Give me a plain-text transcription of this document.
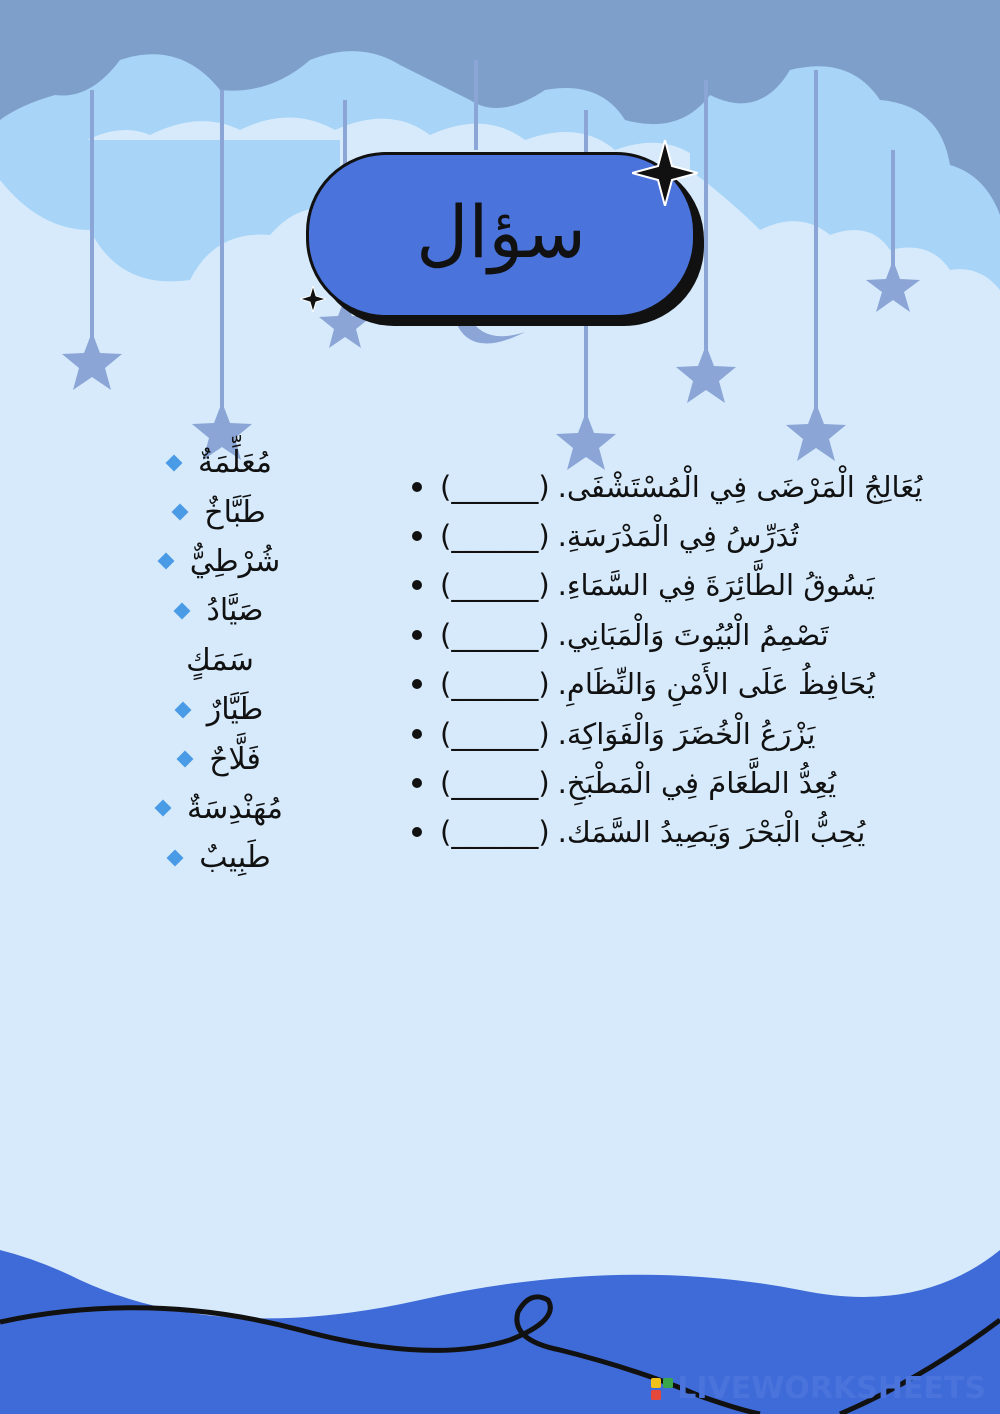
سؤال
مُعَلِّمَةٌ
طَبَّاخٌ
شُرْطِيٌّ
صَيَّادُ
سَمَكٍ
طَيَّارٌ
فَلَّاحٌ
مُهَنْدِسَةٌ
طَبِيبٌ
(______) يُعَالِجُ الْمَرْضَى فِي الْمُسْتَشْفَى.
(______) تُدَرِّسُ فِي الْمَدْرَسَةِ.
(______) يَسُوقُ الطَّائِرَةَ فِي السَّمَاءِ.
(______) تَصْمِمُ الْبُيُوتَ وَالْمَبَانِي.
(______) يُحَافِظُ عَلَى الأَمْنِ وَالنِّظَامِ.
(______) يَزْرَعُ الْخُضَرَ وَالْفَوَاكِهَ.
(______) يُعِدُّ الطَّعَامَ فِي الْمَطْبَخِ.
(______) يُحِبُّ الْبَحْرَ وَيَصِيدُ السَّمَك.
LIVEWORKSHEETS
